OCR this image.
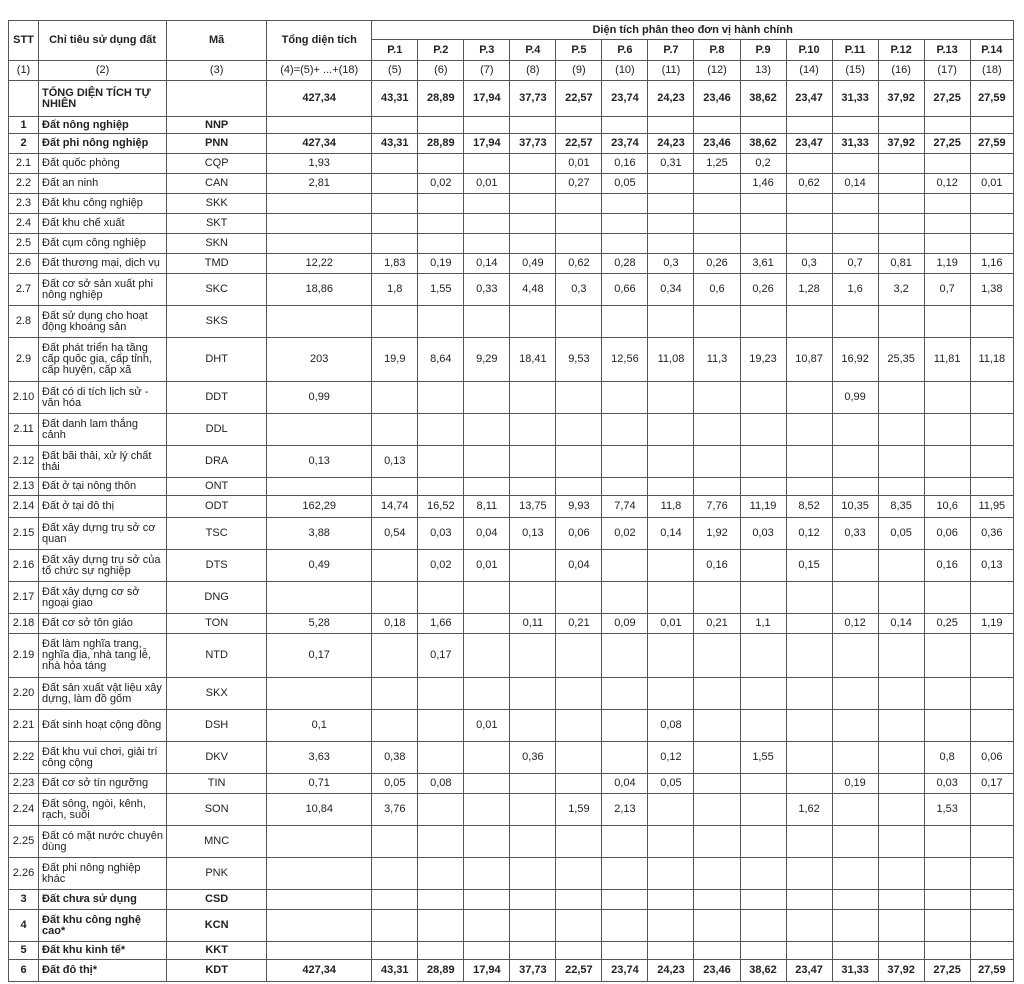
STT	Chỉ tiêu sử dụng đất	Mã	Tổng diện tích	Diện tích phân theo đơn vị hành chính													
				P.1	P.2	P.3	P.4	P.5	P.6	P.7	P.8	P.9	P.10	P.11	P.12	P.13	P.14
(1)	(2)	(3)	(4)=(5)+ ...+(18)	(5)	(6)	(7)	(8)	(9)	(10)	(11)	(12)	13)	(14)	(15)	(16)	(17)	(18)
	TỔNG DIỆN TÍCH TỰ NHIÊN		427,34	43,31	28,89	17,94	37,73	22,57	23,74	24,23	23,46	38,62	23,47	31,33	37,92	27,25	27,59
1	Đất nông nghiệp	NNP															
2	Đất phi nông nghiệp	PNN	427,34	43,31	28,89	17,94	37,73	22,57	23,74	24,23	23,46	38,62	23,47	31,33	37,92	27,25	27,59
2.1	Đất quốc phòng	CQP	1,93					0,01	0,16	0,31	1,25	0,2					
2.2	Đất an ninh	CAN	2,81		0,02	0,01		0,27	0,05			1,46	0,62	0,14		0,12	0,01
2.3	Đất khu công nghiệp	SKK															
2.4	Đất khu chế xuất	SKT															
2.5	Đất cụm công nghiệp	SKN															
2.6	Đất thương mại, dịch vụ	TMD	12,22	1,83	0,19	0,14	0,49	0,62	0,28	0,3	0,26	3,61	0,3	0,7	0,81	1,19	1,16
2.7	Đất cơ sở sản xuất phi nông nghiệp	SKC	18,86	1,8	1,55	0,33	4,48	0,3	0,66	0,34	0,6	0,26	1,28	1,6	3,2	0,7	1,38
2.8	Đất sử dụng cho hoạt động khoáng sản	SKS															
2.9	Đất phát triển hạ tầng cấp quốc gia, cấp tỉnh, cấp huyện, cấp xã	DHT	203	19,9	8,64	9,29	18,41	9,53	12,56	11,08	11,3	19,23	10,87	16,92	25,35	11,81	11,18
2.10	Đất có di tích lịch sử - văn hóa	DDT	0,99											0,99			
2.11	Đất danh lam thắng cảnh	DDL															
2.12	Đất bãi thải, xử lý chất thải	DRA	0,13	0,13													
2.13	Đất ở tại nông thôn	ONT															
2.14	Đất ở tại đô thị	ODT	162,29	14,74	16,52	8,11	13,75	9,93	7,74	11,8	7,76	11,19	8,52	10,35	8,35	10,6	11,95
2.15	Đất xây dựng trụ sở cơ quan	TSC	3,88	0,54	0,03	0,04	0,13	0,06	0,02	0,14	1,92	0,03	0,12	0,33	0,05	0,06	0,36
2.16	Đất xây dựng trụ sở của tổ chức sự nghiệp	DTS	0,49		0,02	0,01		0,04			0,16		0,15			0,16	0,13
2.17	Đất xây dựng cơ sở ngoại giao	DNG															
2.18	Đất cơ sở tôn giáo	TON	5,28	0,18	1,66		0,11	0,21	0,09	0,01	0,21	1,1		0,12	0,14	0,25	1,19
2.19	Đất làm nghĩa trang, nghĩa địa, nhà tang lễ, nhà hỏa táng	NTD	0,17		0,17												
2.20	Đất sản xuất vật liệu xây dựng, làm đồ gốm	SKX															
2.21	Đất sinh hoạt cộng đồng	DSH	0,1			0,01				0,08							
2.22	Đất khu vui chơi, giải trí công cộng	DKV	3,63	0,38			0,36			0,12		1,55				0,8	0,06
2.23	Đất cơ sở tín ngưỡng	TIN	0,71	0,05	0,08				0,04	0,05				0,19		0,03	0,17
2.24	Đất sông, ngòi, kênh, rạch, suối	SON	10,84	3,76				1,59	2,13				1,62			1,53	
2.25	Đất có mặt nước chuyên dùng	MNC															
2.26	Đất phi nông nghiệp khác	PNK															
3	Đất chưa sử dụng	CSD															
4	Đất khu công nghệ cao*	KCN															
5	Đất khu kinh tế*	KKT															
6	Đất đô thị*	KDT	427,34	43,31	28,89	17,94	37,73	22,57	23,74	24,23	23,46	38,62	23,47	31,33	37,92	27,25	27,59
